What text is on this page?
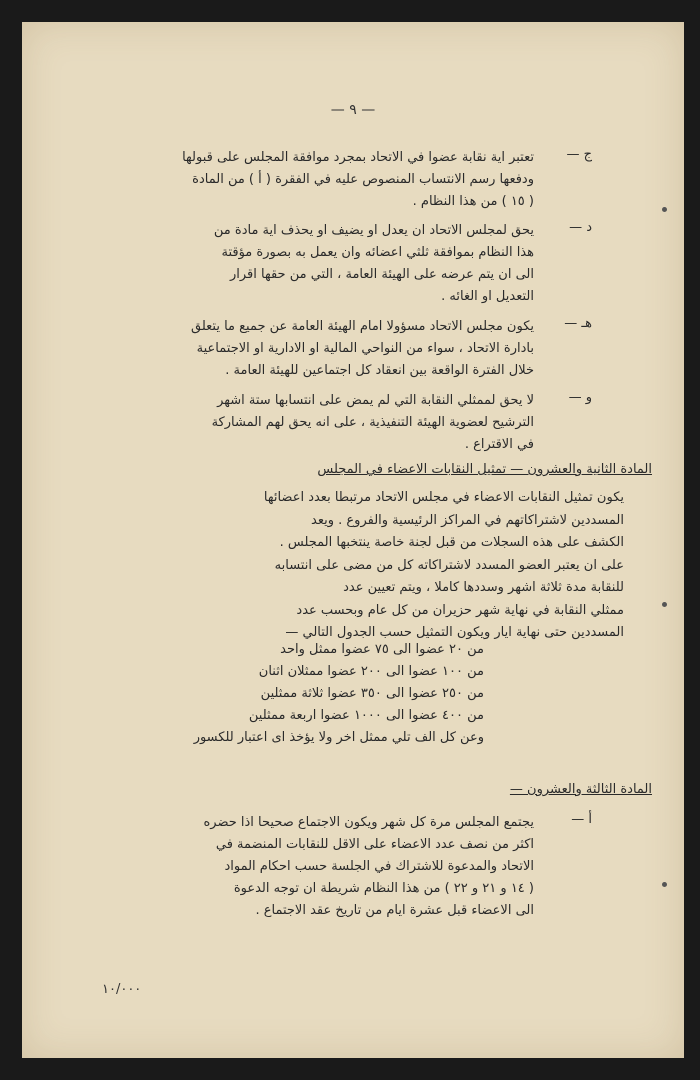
— ٩ —
ج —
تعتبر اية نقابة عضوا في الاتحاد بمجرد موافقة المجلس على قبولها
ودفعها رسم الانتساب المنصوص عليه في الفقرة ( أ ) من المادة
( ١٥ ) من هذا النظام .
د —
يحق لمجلس الاتحاد ان يعدل او يضيف او يحذف اية مادة من
هذا النظام بموافقة ثلثي اعضائه وان يعمل به بصورة مؤقتة
الى ان يتم عرضه على الهيئة العامة ، التي من حقها اقرار
التعديل او الغائه .
هـ —
يكون مجلس الاتحاد مسؤولا امام الهيئة العامة عن جميع ما يتعلق
بادارة الاتحاد ، سواء من النواحي المالية او الادارية او الاجتماعية
خلال الفترة الواقعة بين انعقاد كل اجتماعين للهيئة العامة .
و —
لا يحق لممثلي النقابة التي لم يمض على انتسابها ستة اشهر
الترشيح لعضوية الهيئة التنفيذية ، على انه يحق لهم المشاركة
في الاقتراع .
المادة الثانية والعشرون — تمثيل النقابات الاعضاء في المجلس
يكون تمثيل النقابات الاعضاء في مجلس الاتحاد مرتبطا بعدد اعضائها
المسددين لاشتراكاتهم في المراكز الرئيسية والفروع . ويعد
الكشف على هذه السجلات من قبل لجنة خاصة ينتخبها المجلس .
على ان يعتبر العضو المسدد لاشتراكاته كل من مضى على انتسابه
للنقابة مدة ثلاثة اشهر وسددها كاملا ، ويتم تعيين عدد
ممثلي النقابة في نهاية شهر حزيران من كل عام وبحسب عدد
المسددين حتى نهاية ايار ويكون التمثيل حسب الجدول التالي —
من ٢٠ عضوا الى ٧٥ عضوا ممثل واحد
من ١٠٠ عضوا الى ٢٠٠ عضوا ممثلان اثنان
من ٢٥٠ عضوا الى ٣٥٠ عضوا ثلاثة ممثلين
من ٤٠٠ عضوا الى ١٠٠٠ عضوا اربعة ممثلين
وعن كل الف تلي ممثل اخر ولا يؤخذ اى اعتبار للكسور
المادة الثالثة والعشرون —
أ —
يجتمع المجلس مرة كل شهر ويكون الاجتماع صحيحا اذا حضره
اكثر من نصف عدد الاعضاء على الاقل للنقابات المنضمة في
الاتحاد والمدعوة للاشتراك في الجلسة حسب احكام المواد
( ١٤ و ٢١ و ٢٢ ) من هذا النظام شريطة ان توجه الدعوة
الى الاعضاء قبل عشرة ايام من تاريخ عقد الاجتماع .
١٠/٠٠٠
